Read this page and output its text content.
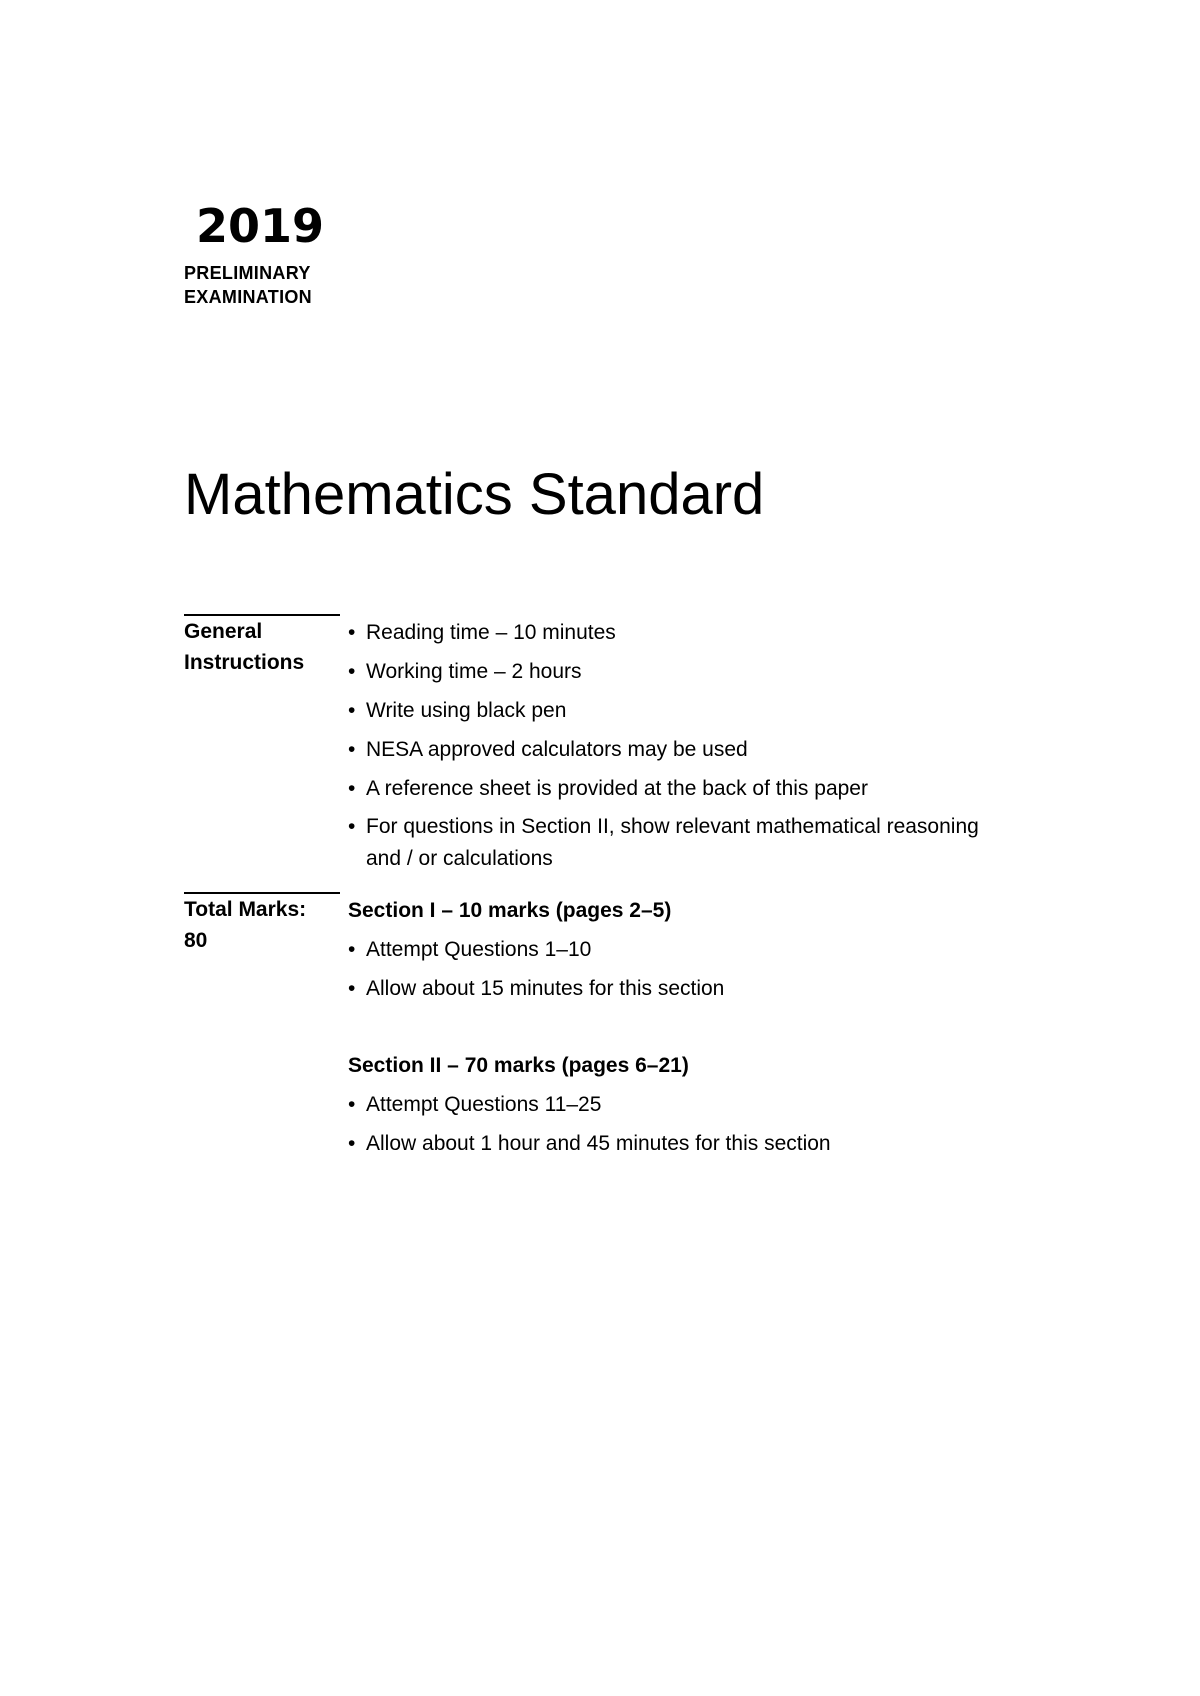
2019
PRELIMINARY
EXAMINATION
Mathematics Standard
General
Instructions
• Reading time – 10 minutes
• Working time – 2 hours
• Write using black pen
• NESA approved calculators may be used
• A reference sheet is provided at the back of this paper
• For questions in Section II, show relevant mathematical reasoning and / or calculations
Total Marks:
80
Section I – 10 marks (pages 2–5)
• Attempt Questions 1–10
• Allow about 15 minutes for this section
Section II – 70 marks (pages 6–21)
• Attempt Questions 11–25
• Allow about 1 hour and 45 minutes for this section
